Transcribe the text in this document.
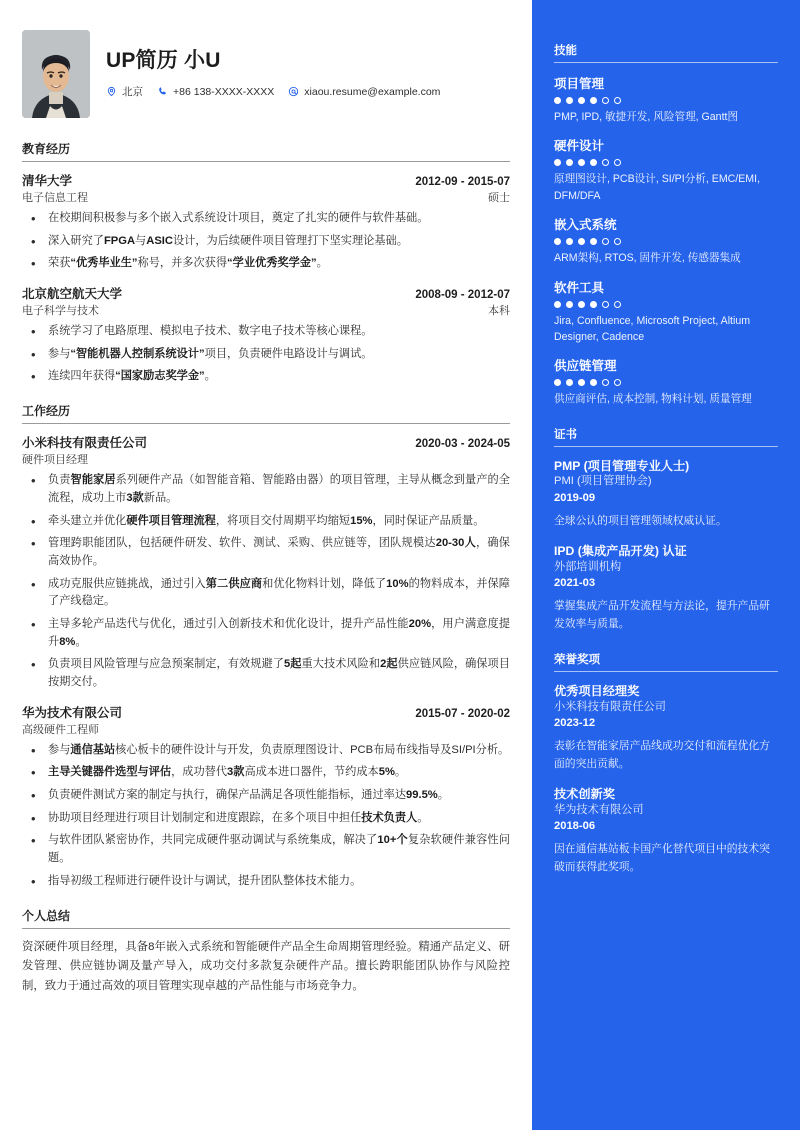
UP简历 小U
北京	+86 138-XXXX-XXXX	xiaou.resume@example.com
教育经历
清华大学	2012-09 - 2015-07
电子信息工程	硕士
• 在校期间积极参与多个嵌入式系统设计项目，奠定了扎实的硬件与软件基础。
• 深入研究了FPGA与ASIC设计，为后续硬件项目管理打下坚实理论基础。
• 荣获“优秀毕业生”称号，并多次获得“学业优秀奖学金”。
北京航空航天大学	2008-09 - 2012-07
电子科学与技术	本科
• 系统学习了电路原理、模拟电子技术、数字电子技术等核心课程。
• 参与“智能机器人控制系统设计”项目，负责硬件电路设计与调试。
• 连续四年获得“国家励志奖学金”。
工作经历
小米科技有限责任公司	2020-03 - 2024-05
硬件项目经理
• 负责智能家居系列硬件产品（如智能音箱、智能路由器）的项目管理，主导从概念到量产的全流程，成功上市3款新品。
• 牵头建立并优化硬件项目管理流程，将项目交付周期平均缩短15%，同时保证产品质量。
• 管理跨职能团队，包括硬件研发、软件、测试、采购、供应链等，团队规模达20-30人，确保高效协作。
• 成功克服供应链挑战，通过引入第二供应商和优化物料计划，降低了10%的物料成本，并保障了产线稳定。
• 主导多轮产品迭代与优化，通过引入创新技术和优化设计，提升产品性能20%，用户满意度提升8%。
• 负责项目风险管理与应急预案制定，有效规避了5起重大技术风险和2起供应链风险，确保项目按期交付。
华为技术有限公司	2015-07 - 2020-02
高级硬件工程师
• 参与通信基站核心板卡的硬件设计与开发，负责原理图设计、PCB布局布线指导及SI/PI分析。
• 主导关键器件选型与评估，成功替代3款高成本进口器件，节约成本5%。
• 负责硬件测试方案的制定与执行，确保产品满足各项性能指标，通过率达99.5%。
• 协助项目经理进行项目计划制定和进度跟踪，在多个项目中担任技术负责人。
• 与软件团队紧密协作，共同完成硬件驱动调试与系统集成，解决了10+个复杂软硬件兼容性问题。
• 指导初级工程师进行硬件设计与调试，提升团队整体技术能力。
个人总结
资深硬件项目经理，具备8年嵌入式系统和智能硬件产品全生命周期管理经验。精通产品定义、研发管理、供应链协调及量产导入，成功交付多款复杂硬件产品。擅长跨职能团队协作与风险控制，致力于通过高效的项目管理实现卓越的产品性能与市场竞争力。
技能
项目管理
PMP, IPD, 敏捷开发, 风险管理, Gantt图
硬件设计
原理图设计, PCB设计, SI/PI分析, EMC/EMI, DFM/DFA
嵌入式系统
ARM架构, RTOS, 固件开发, 传感器集成
软件工具
Jira, Confluence, Microsoft Project, Altium Designer, Cadence
供应链管理
供应商评估, 成本控制, 物料计划, 质量管理
证书
PMP (项目管理专业人士)
PMI (项目管理协会)
2019-09
全球公认的项目管理领域权威认证。
IPD (集成产品开发) 认证
外部培训机构
2021-03
掌握集成产品开发流程与方法论，提升产品研发效率与质量。
荣誉奖项
优秀项目经理奖
小米科技有限责任公司
2023-12
表彰在智能家居产品线成功交付和流程优化方面的突出贡献。
技术创新奖
华为技术有限公司
2018-06
因在通信基站板卡国产化替代项目中的技术突破而获得此奖项。
